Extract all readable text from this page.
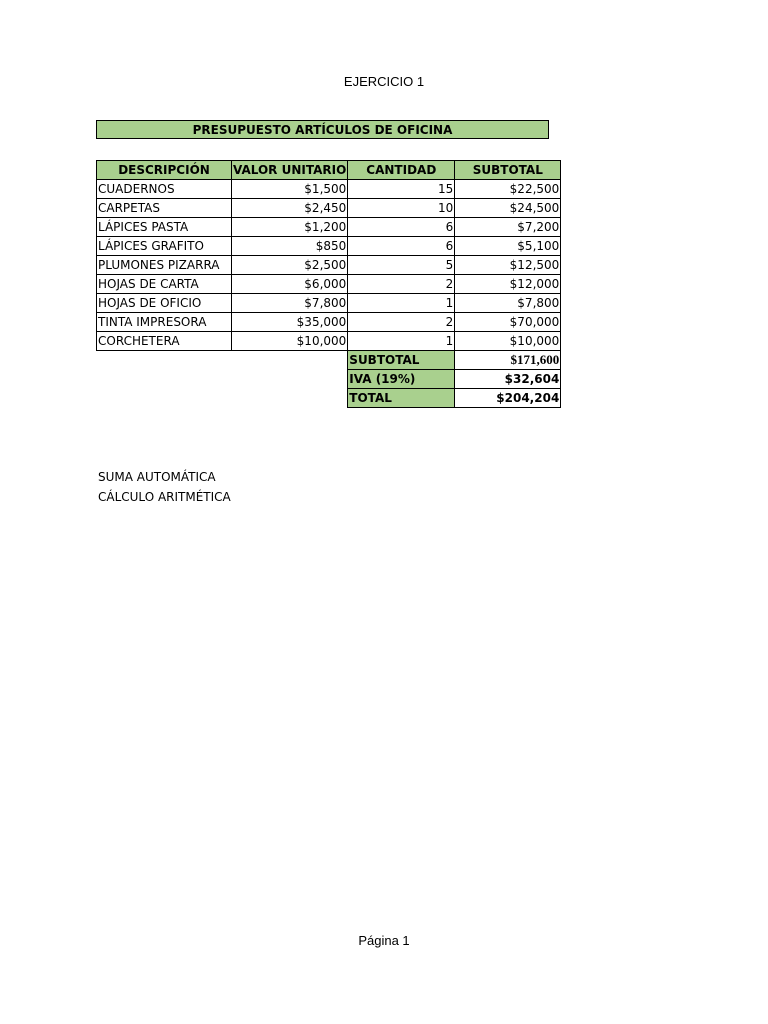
EJERCICIO 1
PRESUPUESTO ARTÍCULOS DE OFICINA
DESCRIPCIÓN	VALOR UNITARIO	CANTIDAD	SUBTOTAL
CUADERNOS	$1,500	15	$22,500
CARPETAS	$2,450	10	$24,500
LÁPICES PASTA	$1,200	6	$7,200
LÁPICES GRAFITO	$850	6	$5,100
PLUMONES PIZARRA	$2,500	5	$12,500
HOJAS DE CARTA	$6,000	2	$12,000
HOJAS DE OFICIO	$7,800	1	$7,800
TINTA IMPRESORA	$35,000	2	$70,000
CORCHETERA	$10,000	1	$10,000
		SUBTOTAL	$171,600
		IVA (19%)	$32,604
		TOTAL	$204,204
SUMA AUTOMÁTICA
CÁLCULO ARITMÉTICA
Página 1
